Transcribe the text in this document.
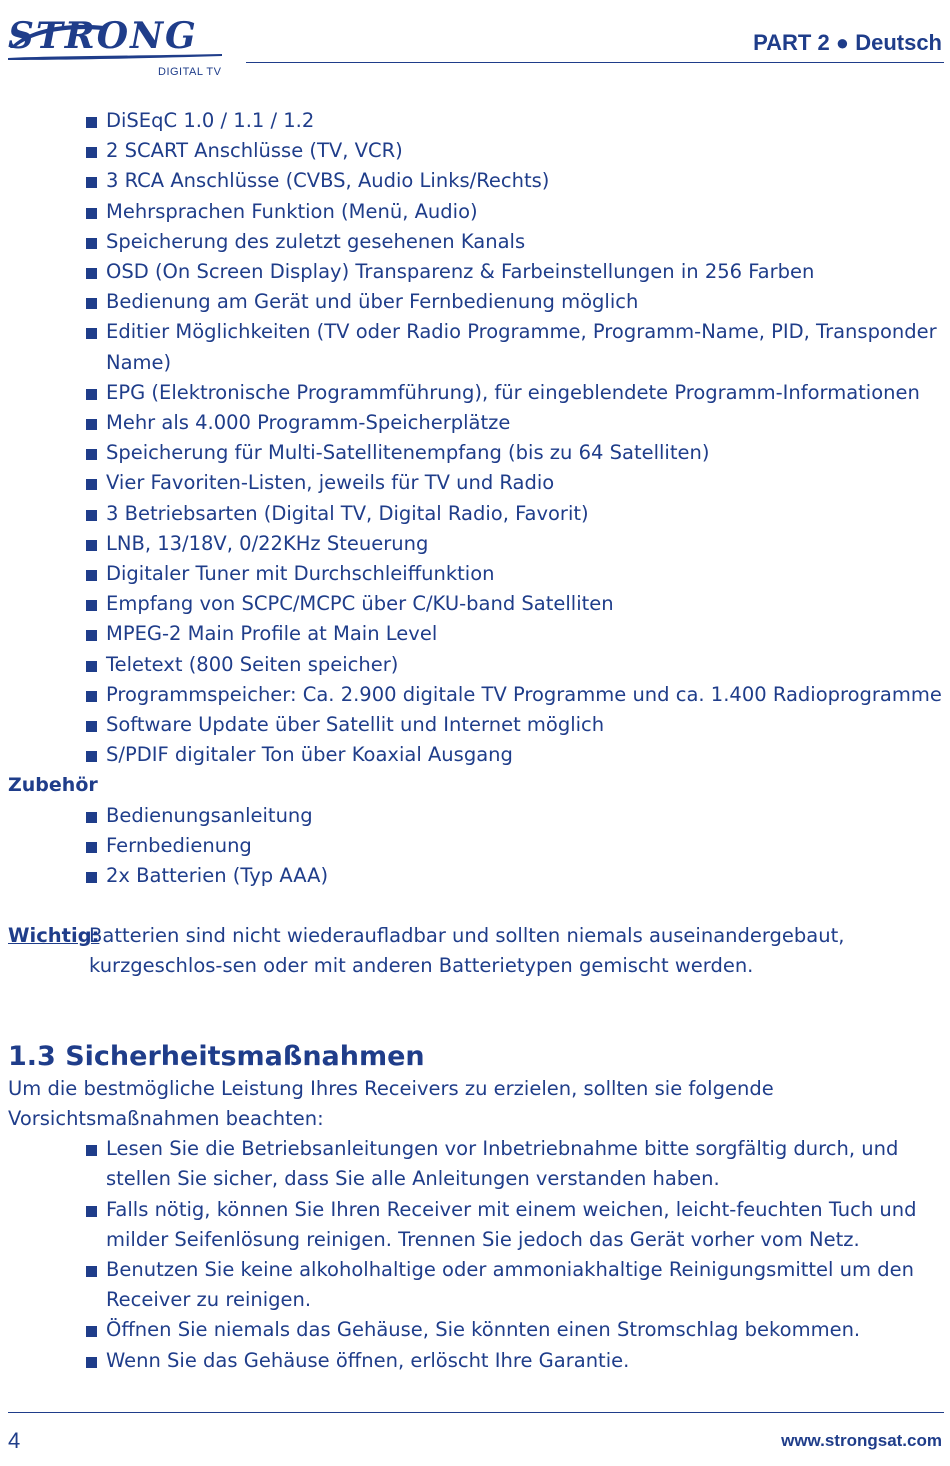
STRONG
DIGITAL TV
PART 2 ● Deutsch
DiSEqC 1.0 / 1.1 / 1.2
2 SCART Anschlüsse (TV, VCR)
3 RCA Anschlüsse (CVBS, Audio Links/Rechts)
Mehrsprachen Funktion (Menü, Audio)
Speicherung des zuletzt gesehenen Kanals
OSD (On Screen Display) Transparenz & Farbeinstellungen in 256 Farben
Bedienung am Gerät und über Fernbedienung möglich
Editier Möglichkeiten (TV oder Radio Programme, Programm-Name, PID, Transponder Name)
EPG (Elektronische Programmführung), für eingeblendete Programm-Informationen
Mehr als 4.000 Programm-Speicherplätze
Speicherung für Multi-Satellitenempfang (bis zu 64 Satelliten)
Vier Favoriten-Listen, jeweils für TV und Radio
3 Betriebsarten (Digital TV, Digital Radio, Favorit)
LNB, 13/18V, 0/22KHz Steuerung
Digitaler Tuner mit Durchschleiffunktion
Empfang von SCPC/MCPC über C/KU-band Satelliten
MPEG-2 Main Profile at Main Level
Teletext (800 Seiten speicher)
Programmspeicher: Ca. 2.900 digitale TV Programme und ca. 1.400 Radioprogramme
Software Update über Satellit und Internet möglich
S/PDIF digitaler Ton über Koaxial Ausgang
Zubehör
Bedienungsanleitung
Fernbedienung
2x Batterien (Typ AAA)
Wichtig:
Batterien sind nicht wiederaufladbar und sollten niemals auseinandergebaut, kurzgeschlos-sen oder mit anderen Batterietypen gemischt werden.
1.3 Sicherheitsmaßnahmen

Um die bestmögliche Leistung Ihres Receivers zu erzielen, sollten sie folgende Vorsichtsmaßnahmen beachten:

Lesen Sie die Betriebsanleitungen vor Inbetriebnahme bitte sorgfältig durch, und stellen Sie sicher, dass Sie alle Anleitungen verstanden haben.
Falls nötig, können Sie Ihren Receiver mit einem weichen, leicht-feuchten Tuch und milder Seifenlösung reinigen. Trennen Sie jedoch das Gerät vorher vom Netz.
Benutzen Sie keine alkoholhaltige oder ammoniakhaltige Reinigungsmittel um den Receiver zu reinigen.
Öffnen Sie niemals das Gehäuse, Sie könnten einen Stromschlag bekommen.
Wenn Sie das Gehäuse öffnen, erlöscht Ihre Garantie.
4	www.strongsat.com
